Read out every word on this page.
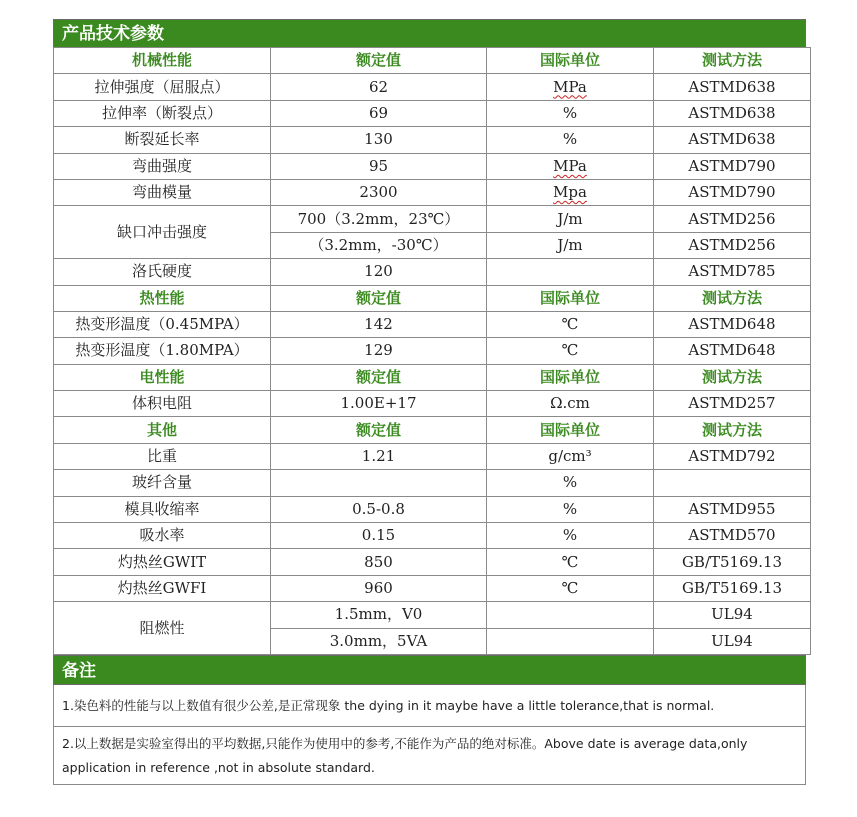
产品技术参数
机械性能	额定值	国际单位	测试方法
拉伸强度（屈服点）	62	MPa	ASTMD638
拉伸率（断裂点）	69	%	ASTMD638
断裂延长率	130	%	ASTMD638
弯曲强度	95	MPa	ASTMD790
弯曲模量	2300	Mpa	ASTMD790
缺口冲击强度	700（3.2mm，23℃）	J/m	ASTMD256
	（3.2mm，-30℃）	J/m	ASTMD256
洛氏硬度	120		ASTMD785
热性能	额定值	国际单位	测试方法
热变形温度（0.45MPA）	142	℃	ASTMD648
热变形温度（1.80MPA）	129	℃	ASTMD648
电性能	额定值	国际单位	测试方法
体积电阻	1.00E+17	Ω.cm	ASTMD257
其他	额定值	国际单位	测试方法
比重	1.21	g/cm³	ASTMD792
玻纤含量		%	
模具收缩率	0.5-0.8	%	ASTMD955
吸水率	0.15	%	ASTMD570
灼热丝GWIT	850	℃	GB/T5169.13
灼热丝GWFI	960	℃	GB/T5169.13
阻燃性	1.5mm，V0		UL94
	3.0mm，5VA		UL94
备注
1.染色料的性能与以上数值有很少公差,是正常现象 the dying in it maybe have a little tolerance,that is normal.
2.以上数据是实验室得出的平均数据,只能作为使用中的参考,不能作为产品的绝对标准。Above date is average data,only application in reference ,not in absolute standard.
